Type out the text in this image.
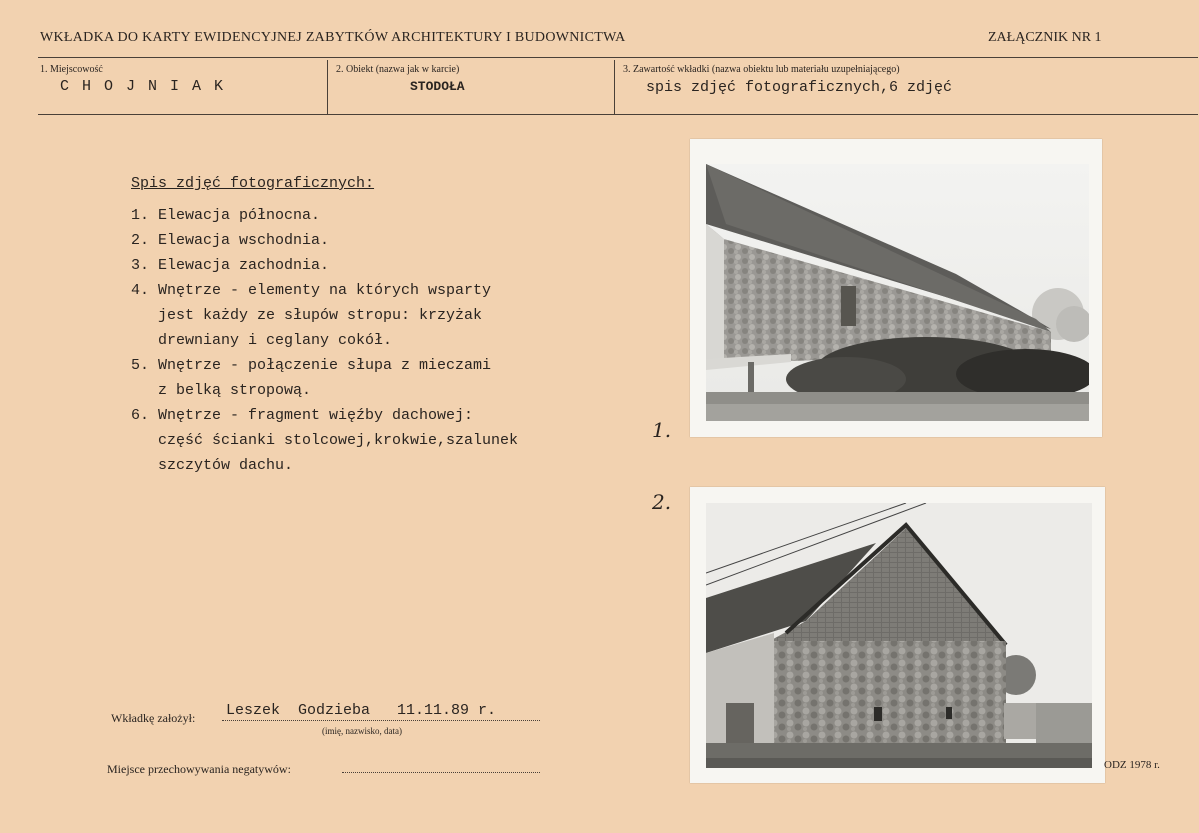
WKŁADKA DO KARTY EWIDENCYJNEJ ZABYTKÓW ARCHITEKTURY I BUDOWNICTWA	ZAŁĄCZNIK NR 1
1. Miejscowość
C H O J N I A K
2. Obiekt (nazwa jak w karcie)
STODOŁA
3. Zawartość wkładki (nazwa obiektu lub materiału uzupełniającego)
spis zdjęć fotograficznych,6 zdjęć
Spis zdjęć fotograficznych:
1. Elewacja północna.
2. Elewacja wschodnia.
3. Elewacja zachodnia.
4. Wnętrze - elementy na których wsparty
jest każdy ze słupów stropu: krzyżak
drewniany i ceglany cokół.
5. Wnętrze - połączenie słupa z mieczami
z belką stropową.
6. Wnętrze - fragment więźby dachowej:
część ścianki stolcowej,krokwie,szalunek
szczytów dachu.
1.
2.
Wkładkę założył: Leszek  Godzieba   11.11.89 r.
(imię, nazwisko, data)
Miejsce przechowywania negatywów:	ODZ 1978 r.
